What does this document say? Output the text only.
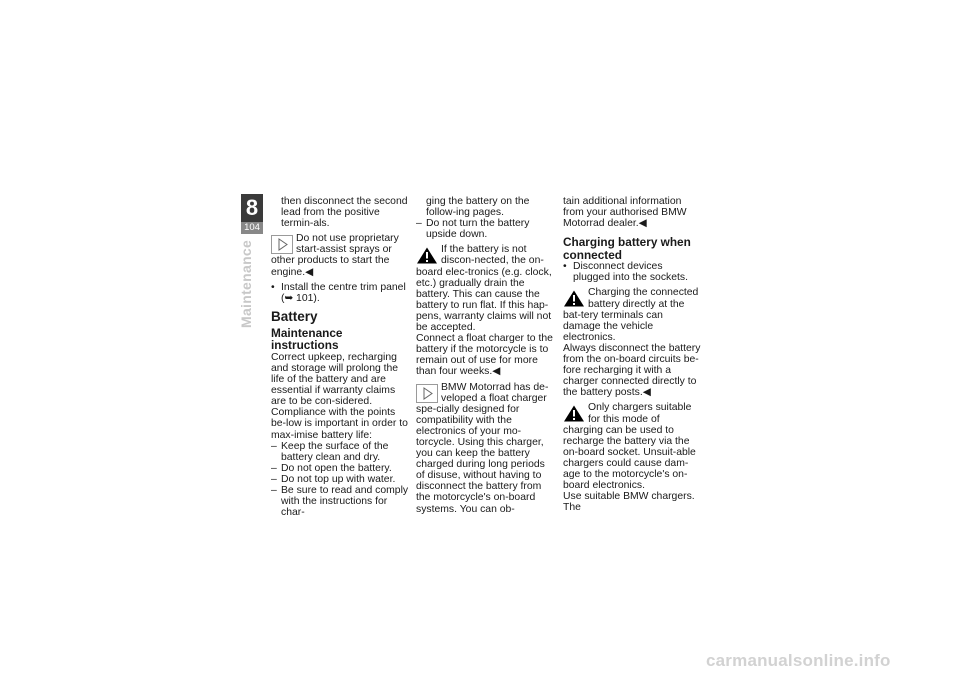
8
104
Maintenance

then disconnect the second lead from the positive termin-als.

Do not use proprietary start-assist sprays or other products to start the engine.◀

• Install the centre trim panel (➥ 101).
Battery
Maintenance instructions

Correct upkeep, recharging and storage will prolong the life of the battery and are essential if warranty claims are to be con-sidered.

Compliance with the points be-low is important in order to max-imise battery life:

– Keep the surface of the battery clean and dry.
– Do not open the battery.
– Do not top up with water.
– Be sure to read and comply with the instructions for char-

ging the battery on the follow-ing pages.

– Do not turn the battery upside down.

If the battery is not discon-nected, the on-board elec-tronics (e.g. clock, etc.) gradually drain the battery. This can cause the battery to run flat. If this hap-pens, warranty claims will not be accepted.

Connect a float charger to the battery if the motorcycle is to remain out of use for more than four weeks.◀

BMW Motorrad has de-veloped a float charger spe-cially designed for compatibility with the electronics of your mo-torcycle. Using this charger, you can keep the battery charged during long periods of disuse, without having to disconnect the battery from the motorcycle's on-board systems. You can ob-

tain additional information from your authorised BMW Motorrad dealer.◀

Charging battery when connected
• Disconnect devices plugged into the sockets.

Charging the connected battery directly at the bat-tery terminals can damage the vehicle electronics.

Always disconnect the battery from the on-board circuits be-fore recharging it with a charger connected directly to the battery posts.◀

Only chargers suitable for this mode of charging can be used to recharge the battery via the on-board socket. Unsuit-able chargers could cause dam-age to the motorcycle's on-board electronics.

Use suitable BMW chargers. The

carmanualsonline.info
